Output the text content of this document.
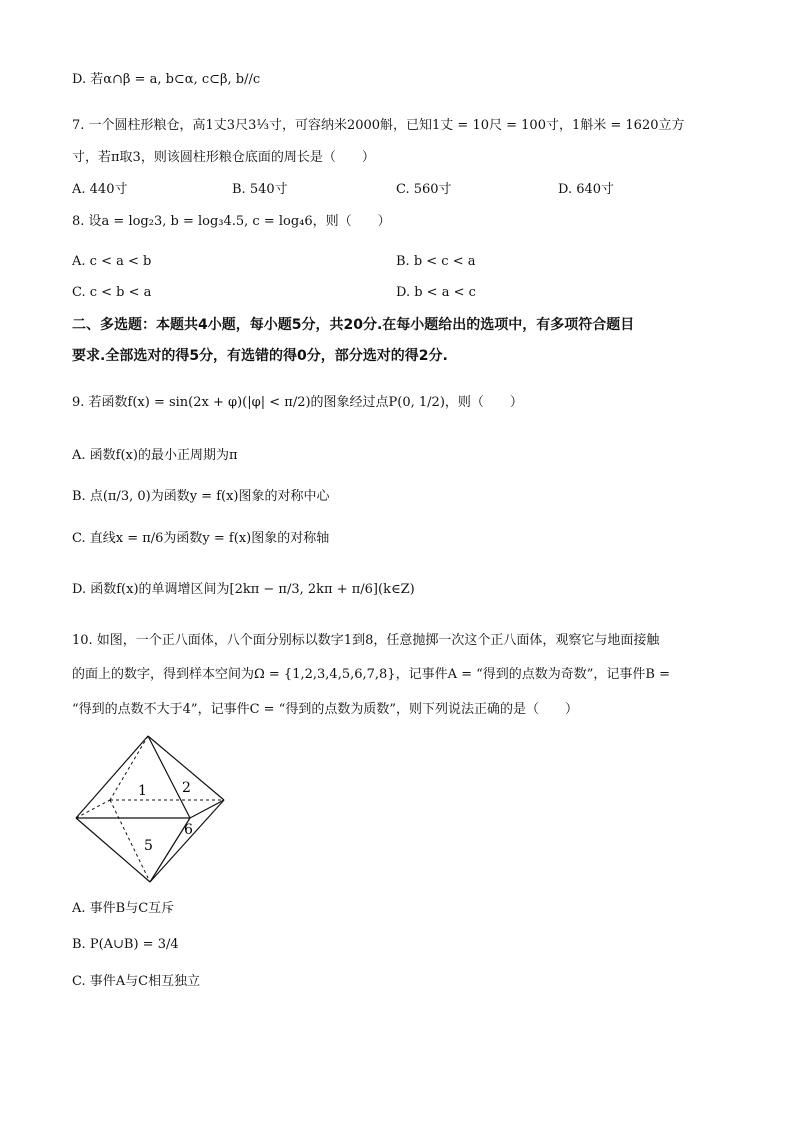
D. 若α∩β = a, b⊂α, c⊂β, b//c
7. 一个圆柱形粮仓，高1丈3尺3⅓寸，可容纳米2000斛，已知1丈 = 10尺 = 100寸，1斛米 = 1620立方
寸，若π取3，则该圆柱形粮仓底面的周长是（　　）
A. 440寸	B. 540寸	C. 560寸	D. 640寸
8. 设a = log₂3, b = log₃4.5, c = log₄6，则（　　）
A. c < a < b	B. b < c < a
C. c < b < a	D. b < a < c
二、多选题：本题共4小题，每小题5分，共20分.在每小题给出的选项中，有多项符合题目
要求.全部选对的得5分，有选错的得0分，部分选对的得2分.
9. 若函数f(x) = sin(2x + φ)(|φ| < π/2)的图象经过点P(0, 1/2)，则（　　）
A. 函数f(x)的最小正周期为π
B. 点(π/3, 0)为函数y = f(x)图象的对称中心
C. 直线x = π/6为函数y = f(x)图象的对称轴
D. 函数f(x)的单调增区间为[2kπ − π/3, 2kπ + π/6](k∈Z)
10. 如图，一个正八面体，八个面分别标以数字1到8，任意抛掷一次这个正八面体，观察它与地面接触
的面上的数字，得到样本空间为Ω = {1,2,3,4,5,6,7,8}，记事件A = “得到的点数为奇数”，记事件B =
“得到的点数不大于4”，记事件C = “得到的点数为质数”，则下列说法正确的是（　　）
1	2
5
6
A. 事件B与C互斥
B. P(A∪B) = 3/4
C. 事件A与C相互独立
